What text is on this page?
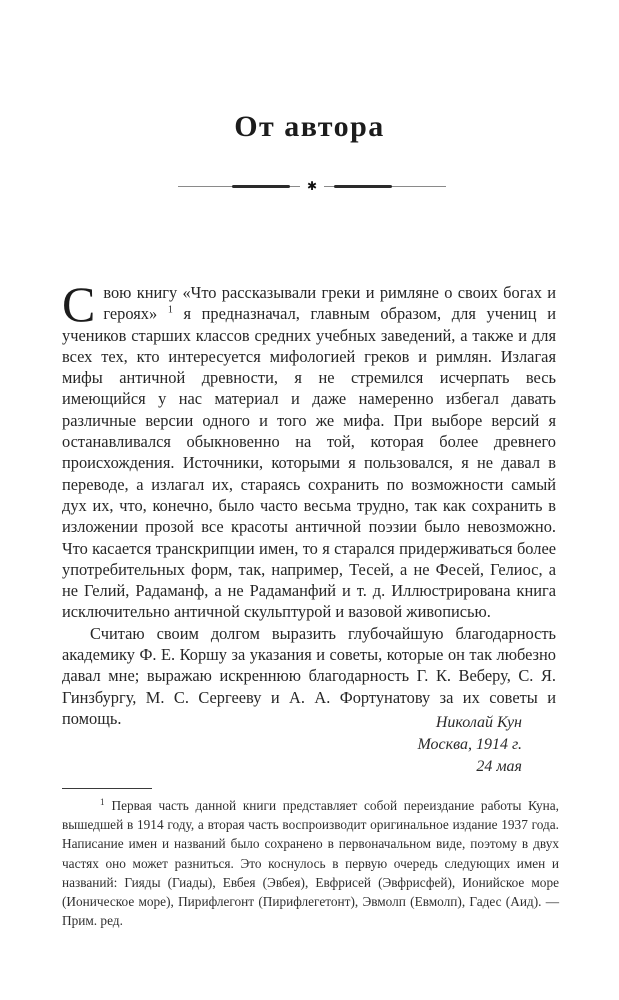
От автора
✱

С вою книгу «Что рассказывали греки и римляне о своих богах и героях» $^1$ я предназначал, главным образом, для учениц и учеников старших классов средних учебных заведений, а также и для всех тех, кто интересуется мифологией греков и римлян. Излагая мифы античной древности, я не стремился исчерпать весь имеющийся у нас материал и даже намеренно избегал давать различные версии одного и того же мифа. При выборе версий я останавливался обыкновенно на той, которая более древнего происхождения. Источники, которыми я пользовался, я не давал в переводе, а излагал их, стараясь сохранить по возможности самый дух их, что, конечно, было часто весьма трудно, так как сохранить в изложении прозой все красоты античной поэзии было невозможно. Что касается транскрипции имен, то я старался придерживаться более употребительных форм, так, например, Тесей, а не Фесей, Гелиос, а не Гелий, Радаманф, а не Радаманфий и т. д. Иллюстрирована книга исключительно античной скульптурой и вазовой живописью.

Считаю своим долгом выразить глубочайшую благодарность академику Ф. Е. Коршу за указания и советы, которые он так любезно давал мне; выражаю искреннюю благодарность Г. К. Веберу, С. Я. Гинзбургу, М. С. Сергееву и А. А. Фортунатову за их советы и помощь.	Николай Кун
Москва, 1914 г.
24 мая

$^1$ Первая часть данной книги представляет собой переиздание работы Куна, вышедшей в 1914 году, а вторая часть воспроизводит оригинальное издание 1937 года. Написание имен и названий было сохранено в первоначальном виде, поэтому в двух частях оно может разниться. Это коснулось в первую очередь следующих имен и названий: Гияды (Гиады), Евбея (Эвбея), Евфрисей (Эвфрисфей), Ионийское море (Ионическое море), Пирифлегонт (Пирифлегетонт), Эвмолп (Евмолп), Гадес (Аид). — Прим. ред.
